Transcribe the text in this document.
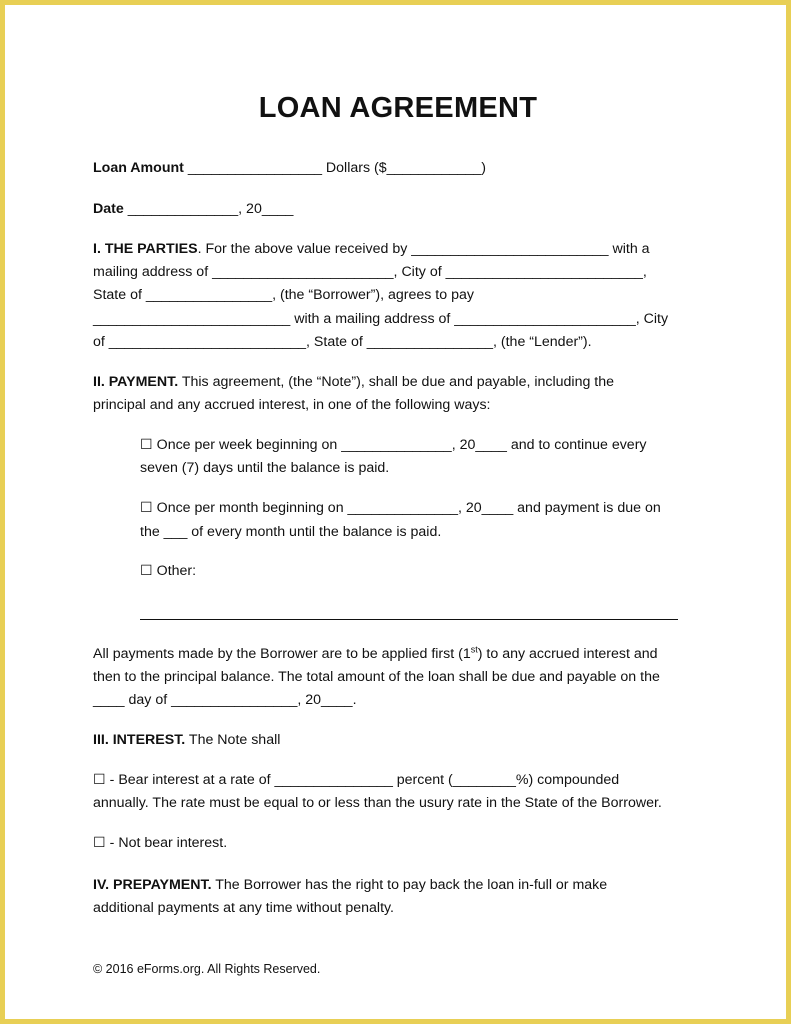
LOAN AGREEMENT
Loan Amount _________________ Dollars ($____________)
Date ______________, 20____
I. THE PARTIES. For the above value received by _________________________ with a
mailing address of _______________________, City of _________________________,
State of ________________, (the “Borrower”), agrees to pay
_________________________ with a mailing address of _______________________, City
of _________________________, State of ________________, (the “Lender”).
II. PAYMENT. This agreement, (the “Note”), shall be due and payable, including the
principal and any accrued interest, in one of the following ways:
☐ Once per week beginning on ______________, 20____ and to continue every
seven (7) days until the balance is paid.
☐ Once per month beginning on ______________, 20____ and payment is due on
the ___ of every month until the balance is paid.
☐ Other:
All payments made by the Borrower are to be applied first (1st) to any accrued interest and
then to the principal balance. The total amount of the loan shall be due and payable on the
____ day of ________________, 20____.
III. INTEREST. The Note shall
☐ - Bear interest at a rate of _______________ percent (________%) compounded
annually. The rate must be equal to or less than the usury rate in the State of the Borrower.
☐ - Not bear interest.
IV. PREPAYMENT. The Borrower has the right to pay back the loan in-full or make
additional payments at any time without penalty.
© 2016 eForms.org. All Rights Reserved.
